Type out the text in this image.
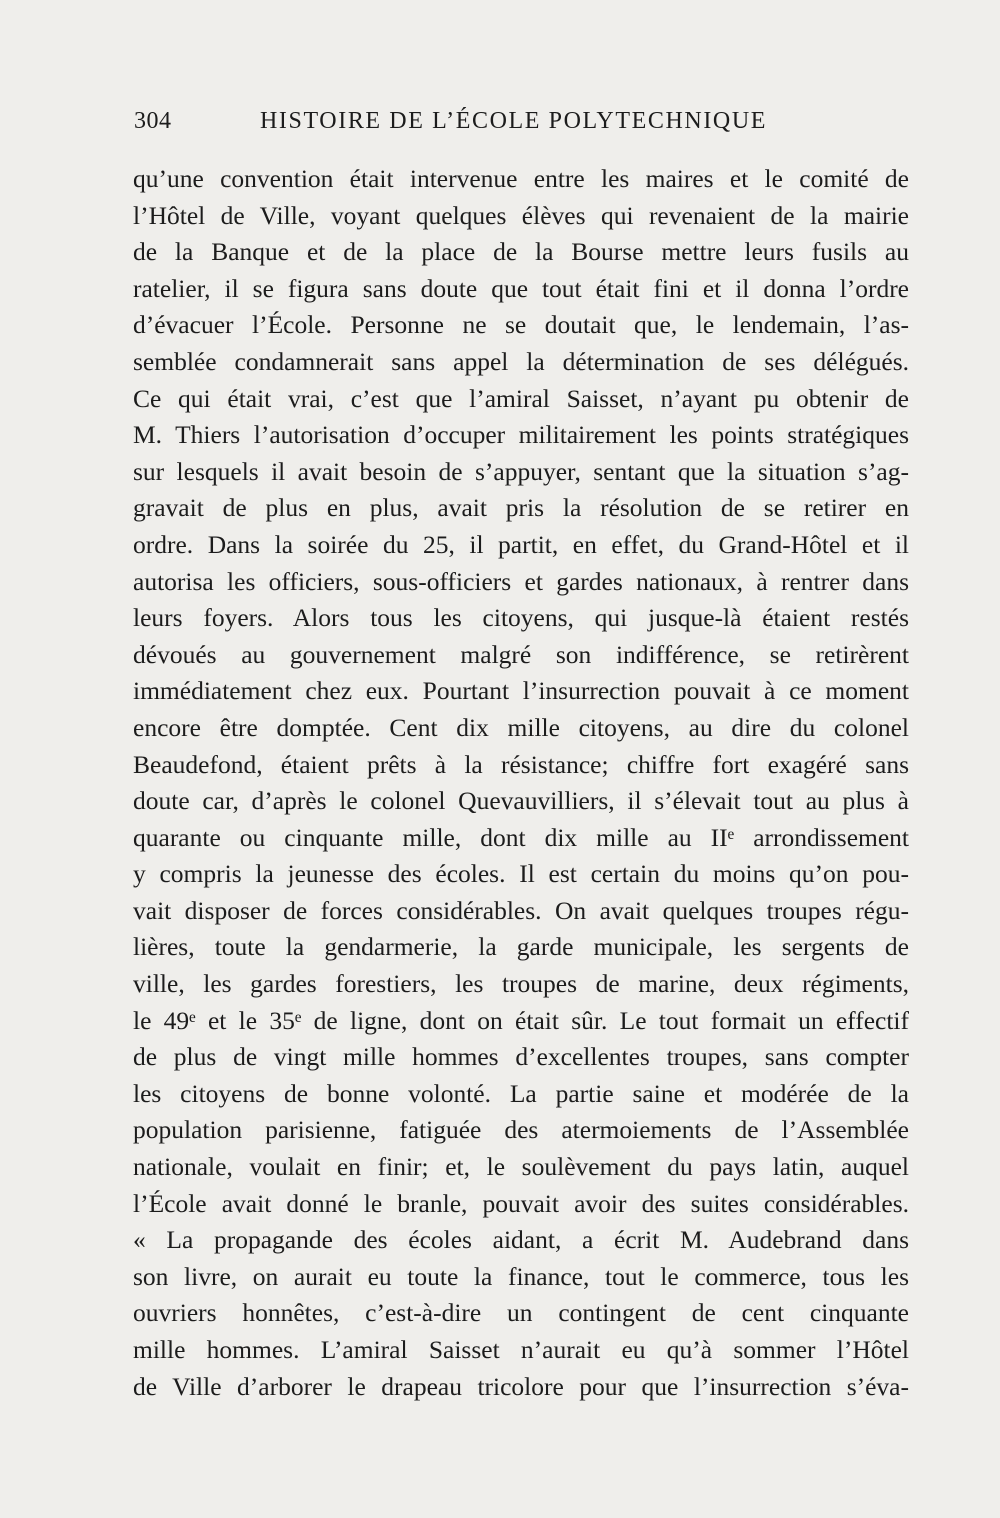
304	HISTOIRE DE L’ÉCOLE POLYTECHNIQUE
qu’une convention était intervenue entre les maires et le comité de
l’Hôtel de Ville, voyant quelques élèves qui revenaient de la mairie
de la Banque et de la place de la Bourse mettre leurs fusils au
ratelier, il se figura sans doute que tout était fini et il donna l’ordre
d’évacuer l’École. Personne ne se doutait que, le lendemain, l’as-
semblée condamnerait sans appel la détermination de ses délégués.
Ce qui était vrai, c’est que l’amiral Saisset, n’ayant pu obtenir de
M. Thiers l’autorisation d’occuper militairement les points stratégiques
sur lesquels il avait besoin de s’appuyer, sentant que la situation s’ag-
gravait de plus en plus, avait pris la résolution de se retirer en
ordre. Dans la soirée du 25, il partit, en effet, du Grand-Hôtel et il
autorisa les officiers, sous-officiers et gardes nationaux, à rentrer dans
leurs foyers. Alors tous les citoyens, qui jusque-là étaient restés
dévoués au gouvernement malgré son indifférence, se retirèrent
immédiatement chez eux. Pourtant l’insurrection pouvait à ce moment
encore être domptée. Cent dix mille citoyens, au dire du colonel
Beaudefond, étaient prêts à la résistance; chiffre fort exagéré sans
doute car, d’après le colonel Quevauvilliers, il s’élevait tout au plus à
quarante ou cinquante mille, dont dix mille au IIᵉ arrondissement
y compris la jeunesse des écoles. Il est certain du moins qu’on pou-
vait disposer de forces considérables. On avait quelques troupes régu-
lières, toute la gendarmerie, la garde municipale, les sergents de
ville, les gardes forestiers, les troupes de marine, deux régiments,
le 49ᵉ et le 35ᵉ de ligne, dont on était sûr. Le tout formait un effectif
de plus de vingt mille hommes d’excellentes troupes, sans compter
les citoyens de bonne volonté. La partie saine et modérée de la
population parisienne, fatiguée des atermoiements de l’Assemblée
nationale, voulait en finir; et, le soulèvement du pays latin, auquel
l’École avait donné le branle, pouvait avoir des suites considérables.
« La propagande des écoles aidant, a écrit M. Audebrand dans
son livre, on aurait eu toute la finance, tout le commerce, tous les
ouvriers honnêtes, c’est-à-dire un contingent de cent cinquante
mille hommes. L’amiral Saisset n’aurait eu qu’à sommer l’Hôtel
de Ville d’arborer le drapeau tricolore pour que l’insurrection s’éva-
